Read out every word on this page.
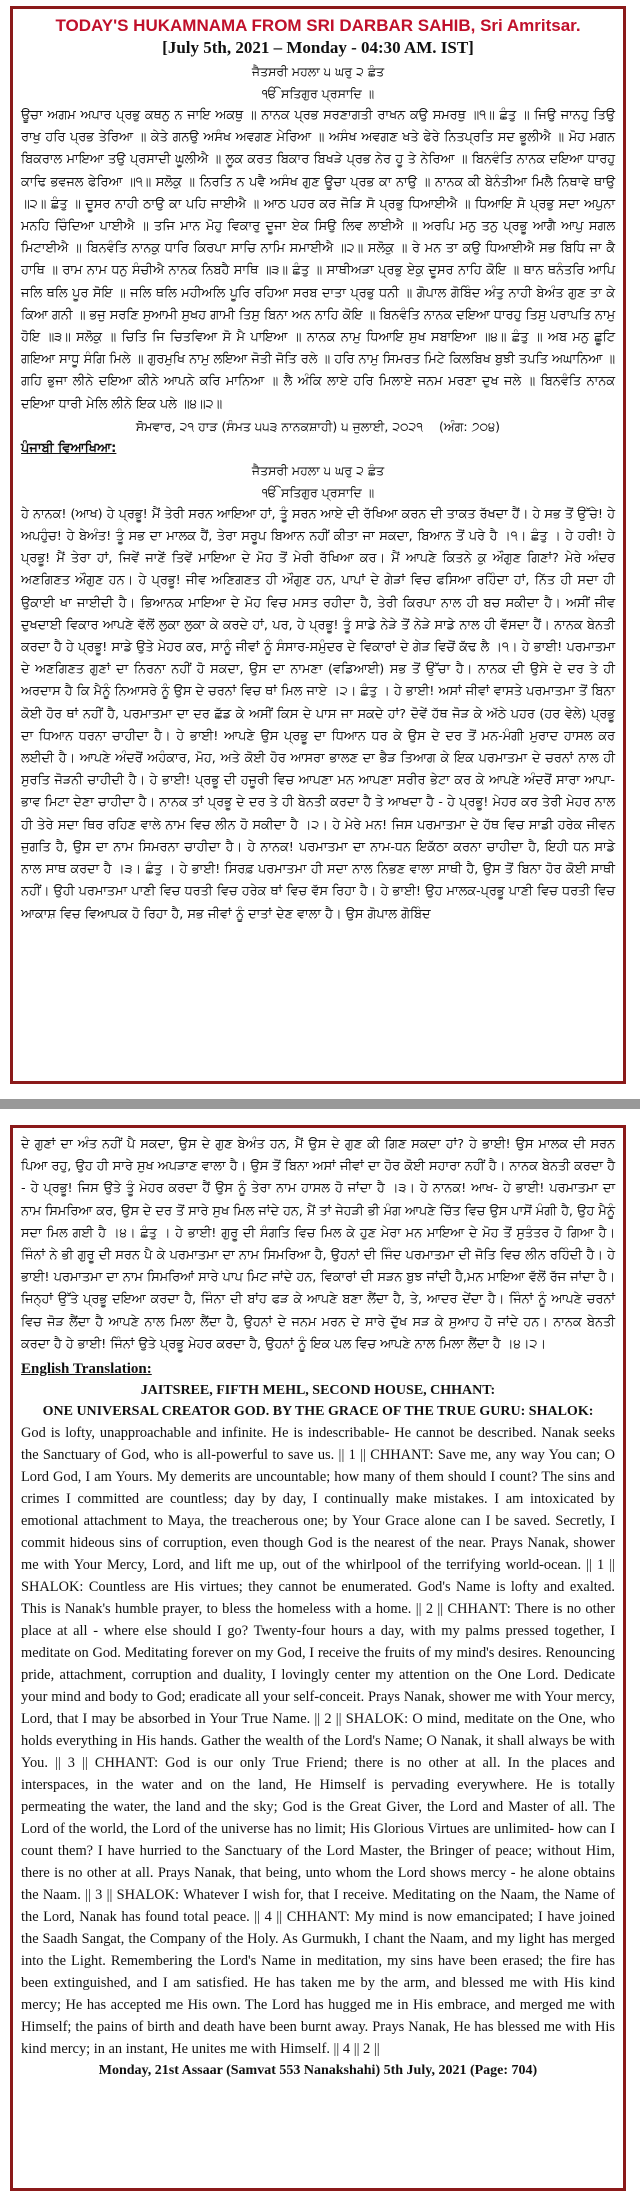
TODAY'S HUKAMNAMA FROM SRI DARBAR SAHIB, Sri Amritsar.

[July 5th, 2021 – Monday - 04:30 AM. IST]

ਜੈਤਸਰੀ ਮਹਲਾ ੫ ਘਰੁ ੨ ਛੰਤ

ੴ ਸਤਿਗੁਰ ਪ੍ਰਸਾਦਿ ॥

ਊਚਾ ਅਗਮ ਅਪਾਰ ਪ੍ਰਭੁ ਕਥਨੁ ਨ ਜਾਇ ਅਕਥੁ ॥ ਨਾਨਕ ਪ੍ਰਭ ਸਰਣਾਗਤੀ ਰਾਖਨ ਕਉ ਸਮਰਥੁ ॥੧॥ ਛੰਤੁ ॥ ਜਿਉ ਜਾਨਹੁ ਤਿਉ ਰਾਖੁ ਹਰਿ ਪ੍ਰਭ ਤੇਰਿਆ ॥ ਕੇਤੇ ਗਨਉ ਅਸੰਖ ਅਵਗਣ ਮੇਰਿਆ ॥ ਅਸੰਖ ਅਵਗਣ ਖਤੇ ਫੇਰੇ ਨਿਤਪ੍ਰਤਿ ਸਦ ਭੂਲੀਐ ॥ ਮੋਹ ਮਗਨ ਬਿਕਰਾਲ ਮਾਇਆ ਤਉ ਪ੍ਰਸਾਦੀ ਘੂਲੀਐ ॥ ਲੂਕ ਕਰਤ ਬਿਕਾਰ ਬਿਖੜੇ ਪ੍ਰਭ ਨੇਰ ਹੂ ਤੇ ਨੇਰਿਆ ॥ ਬਿਨਵੰਤਿ ਨਾਨਕ ਦਇਆ ਧਾਰਹੁ ਕਾਢਿ ਭਵਜਲ ਫੇਰਿਆ ॥੧॥ ਸਲੋਕੁ ॥ ਨਿਰਤਿ ਨ ਪਵੈ ਅਸੰਖ ਗੁਣ ਊਚਾ ਪ੍ਰਭ ਕਾ ਨਾਉ ॥ ਨਾਨਕ ਕੀ ਬੇਨੰਤੀਆ ਮਿਲੈ ਨਿਥਾਵੇ ਥਾਉ ॥੨॥ ਛੰਤੁ ॥ ਦੂਸਰ ਨਾਹੀ ਠਾਉ ਕਾ ਪਹਿ ਜਾਈਐ ॥ ਆਠ ਪਹਰ ਕਰ ਜੋੜਿ ਸੋ ਪ੍ਰਭੁ ਧਿਆਈਐ ॥ ਧਿਆਇ ਸੋ ਪ੍ਰਭੁ ਸਦਾ ਅਪੁਨਾ ਮਨਹਿ ਚਿੰਦਿਆ ਪਾਈਐ ॥ ਤਜਿ ਮਾਨ ਮੋਹੁ ਵਿਕਾਰੁ ਦੂਜਾ ਏਕ ਸਿਉ ਲਿਵ ਲਾਈਐ ॥ ਅਰਪਿ ਮਨੁ ਤਨੁ ਪ੍ਰਭੂ ਆਗੈ ਆਪੁ ਸਗਲ ਮਿਟਾਈਐ ॥ ਬਿਨਵੰਤਿ ਨਾਨਕੁ ਧਾਰਿ ਕਿਰਪਾ ਸਾਚਿ ਨਾਮਿ ਸਮਾਈਐ ॥੨॥ ਸਲੋਕੁ ॥ ਰੇ ਮਨ ਤਾ ਕਉ ਧਿਆਈਐ ਸਭ ਬਿਧਿ ਜਾ ਕੈ ਹਾਥਿ ॥ ਰਾਮ ਨਾਮ ਧਨੁ ਸੰਚੀਐ ਨਾਨਕ ਨਿਬਹੈ ਸਾਥਿ ॥੩॥ ਛੰਤੁ ॥ ਸਾਥੀਅੜਾ ਪ੍ਰਭੁ ਏਕੁ ਦੂਸਰ ਨਾਹਿ ਕੋਇ ॥ ਥਾਨ ਥਨੰਤਰਿ ਆਪਿ ਜਲਿ ਥਲਿ ਪੂਰ ਸੋਇ ॥ ਜਲਿ ਥਲਿ ਮਹੀਅਲਿ ਪੂਰਿ ਰਹਿਆ ਸਰਬ ਦਾਤਾ ਪ੍ਰਭੁ ਧਨੀ ॥ ਗੋਪਾਲ ਗੋਬਿੰਦ ਅੰਤੁ ਨਾਹੀ ਬੇਅੰਤ ਗੁਣ ਤਾ ਕੇ ਕਿਆ ਗਨੀ ॥ ਭਜੁ ਸਰਣਿ ਸੁਆਮੀ ਸੁਖਹ ਗਾਮੀ ਤਿਸੁ ਬਿਨਾ ਅਨ ਨਾਹਿ ਕੋਇ ॥ ਬਿਨਵੰਤਿ ਨਾਨਕ ਦਇਆ ਧਾਰਹੁ ਤਿਸੁ ਪਰਾਪਤਿ ਨਾਮੁ ਹੋਇ ॥੩॥ ਸਲੋਕੁ ॥ ਚਿਤਿ ਜਿ ਚਿਤਵਿਆ ਸੋ ਮੈ ਪਾਇਆ ॥ ਨਾਨਕ ਨਾਮੁ ਧਿਆਇ ਸੁਖ ਸਬਾਇਆ ॥੪॥ ਛੰਤੁ ॥ ਅਬ ਮਨੁ ਛੂਟਿ ਗਇਆ ਸਾਧੂ ਸੰਗਿ ਮਿਲੇ ॥ ਗੁਰਮੁਖਿ ਨਾਮੁ ਲਇਆ ਜੋਤੀ ਜੋਤਿ ਰਲੇ ॥ ਹਰਿ ਨਾਮੁ ਸਿਮਰਤ ਮਿਟੇ ਕਿਲਬਿਖ ਬੁਝੀ ਤਪਤਿ ਅਘਾਨਿਆ ॥ ਗਹਿ ਭੁਜਾ ਲੀਨੇ ਦਇਆ ਕੀਨੇ ਆਪਨੇ ਕਰਿ ਮਾਨਿਆ ॥ ਲੈ ਅੰਕਿ ਲਾਏ ਹਰਿ ਮਿਲਾਏ ਜਨਮ ਮਰਣਾ ਦੁਖ ਜਲੇ ॥ ਬਿਨਵੰਤਿ ਨਾਨਕ ਦਇਆ ਧਾਰੀ ਮੇਲਿ ਲੀਨੇ ਇਕ ਪਲੇ ॥੪॥੨॥

ਸੋਮਵਾਰ, ੨੧ ਹਾੜ (ਸੰਮਤ ੫੫੩ ਨਾਨਕਸ਼ਾਹੀ) ੫ ਜੁਲਾਈ, ੨੦੨੧ (ਅੰਗ: ੭੦੪)

ਪੰਜਾਬੀ ਵਿਆਖਿਆ:

ਜੈਤਸਰੀ ਮਹਲਾ ੫ ਘਰੁ ੨ ਛੰਤ

ੴ ਸਤਿਗੁਰ ਪ੍ਰਸਾਦਿ ॥

ਹੇ ਨਾਨਕ! (ਆਖ) ਹੇ ਪ੍ਰਭੂ! ਮੈਂ ਤੇਰੀ ਸਰਨ ਆਇਆ ਹਾਂ, ਤੂੰ ਸਰਨ ਆਏ ਦੀ ਰੱਖਿਆ ਕਰਨ ਦੀ ਤਾਕਤ ਰੱਖਦਾ ਹੈਂ। ਹੇ ਸਭ ਤੋਂ ਉੱਚੇ! ਹੇ ਅਪਹੁੰਚ! ਹੇ ਬੇਅੰਤ! ਤੂੰ ਸਭ ਦਾ ਮਾਲਕ ਹੈਂ, ਤੇਰਾ ਸਰੂਪ ਬਿਆਨ ਨਹੀਂ ਕੀਤਾ ਜਾ ਸਕਦਾ, ਬਿਆਨ ਤੋਂ ਪਰੇ ਹੈ ।੧। ਛੰਤੁ । ਹੇ ਹਰੀ! ਹੇ ਪ੍ਰਭੂ! ਮੈਂ ਤੇਰਾ ਹਾਂ, ਜਿਵੇਂ ਜਾਣੇਂ ਤਿਵੇਂ ਮਾਇਆ ਦੇ ਮੋਹ ਤੋਂ ਮੇਰੀ ਰੱਖਿਆ ਕਰ। ਮੈਂ ਆਪਣੇ ਕਿਤਨੇ ਕੁ ਔਗੁਣ ਗਿਣਾਂ? ਮੇਰੇ ਅੰਦਰ ਅਣਗਿਣਤ ਔਗੁਣ ਹਨ। ਹੇ ਪ੍ਰਭੂ! ਜੀਵ ਅਣਿਗਣਤ ਹੀ ਔਗੁਣ ਹਨ, ਪਾਪਾਂ ਦੇ ਗੇੜਾਂ ਵਿਚ ਫਸਿਆ ਰਹਿੰਦਾ ਹਾਂ, ਨਿੱਤ ਹੀ ਸਦਾ ਹੀ ਉਕਾਈ ਖਾ ਜਾਈਦੀ ਹੈ। ਭਿਆਨਕ ਮਾਇਆ ਦੇ ਮੋਹ ਵਿਚ ਮਸਤ ਰਹੀਦਾ ਹੈ, ਤੇਰੀ ਕਿਰਪਾ ਨਾਲ ਹੀ ਬਚ ਸਕੀਦਾ ਹੈ। ਅਸੀਂ ਜੀਵ ਦੁਖਦਾਈ ਵਿਕਾਰ ਆਪਣੇ ਵੱਲੋਂ ਲੁਕਾ ਲੁਕਾ ਕੇ ਕਰਦੇ ਹਾਂ, ਪਰ, ਹੇ ਪ੍ਰਭੂ! ਤੂੰ ਸਾਡੇ ਨੇੜੇ ਤੋਂ ਨੇੜੇ ਸਾਡੇ ਨਾਲ ਹੀ ਵੱਸਦਾ ਹੈਂ। ਨਾਨਕ ਬੇਨਤੀ ਕਰਦਾ ਹੈ ਹੇ ਪ੍ਰਭੂ! ਸਾਡੇ ਉਤੇ ਮੇਹਰ ਕਰ, ਸਾਨੂੰ ਜੀਵਾਂ ਨੂੰ ਸੰਸਾਰ-ਸਮੁੰਦਰ ਦੇ ਵਿਕਾਰਾਂ ਦੇ ਗੇੜ ਵਿਚੋਂ ਕੱਢ ਲੈ ।੧। ਹੇ ਭਾਈ! ਪਰਮਾਤਮਾ ਦੇ ਅਣਗਿਣਤ ਗੁਣਾਂ ਦਾ ਨਿਰਨਾ ਨਹੀਂ ਹੋ ਸਕਦਾ, ਉਸ ਦਾ ਨਾਮਣਾ (ਵਡਿਆਈ) ਸਭ ਤੋਂ ਉੱਚਾ ਹੈ। ਨਾਨਕ ਦੀ ਉਸੇ ਦੇ ਦਰ ਤੇ ਹੀ ਅਰਦਾਸ ਹੈ ਕਿ ਮੈਨੂੰ ਨਿਆਸਰੇ ਨੂੰ ਉਸ ਦੇ ਚਰਨਾਂ ਵਿਚ ਥਾਂ ਮਿਲ ਜਾਏ ।੨। ਛੰਤੁ । ਹੇ ਭਾਈ! ਅਸਾਂ ਜੀਵਾਂ ਵਾਸਤੇ ਪਰਮਾਤਮਾ ਤੋਂ ਬਿਨਾ ਕੋਈ ਹੋਰ ਥਾਂ ਨਹੀਂ ਹੈ, ਪਰਮਾਤਮਾ ਦਾ ਦਰ ਛੱਡ ਕੇ ਅਸੀਂ ਕਿਸ ਦੇ ਪਾਸ ਜਾ ਸਕਦੇ ਹਾਂ? ਦੋਵੇਂ ਹੱਥ ਜੋੜ ਕੇ ਅੱਠੇ ਪਹਰ (ਹਰ ਵੇਲੇ) ਪ੍ਰਭੂ ਦਾ ਧਿਆਨ ਧਰਨਾ ਚਾਹੀਦਾ ਹੈ। ਹੇ ਭਾਈ! ਆਪਣੇ ਉਸ ਪ੍ਰਭੂ ਦਾ ਧਿਆਨ ਧਰ ਕੇ ਉਸ ਦੇ ਦਰ ਤੋਂ ਮਨ-ਮੰਗੀ ਮੁਰਾਦ ਹਾਸਲ ਕਰ ਲਈਦੀ ਹੈ। ਆਪਣੇ ਅੰਦਰੋਂ ਅਹੰਕਾਰ, ਮੋਹ, ਅਤੇ ਕੋਈ ਹੋਰ ਆਸਰਾ ਭਾਲਣ ਦਾ ਭੈੜ ਤਿਆਗ ਕੇ ਇਕ ਪਰਮਾਤਮਾ ਦੇ ਚਰਨਾਂ ਨਾਲ ਹੀ ਸੁਰਤਿ ਜੋੜਨੀ ਚਾਹੀਦੀ ਹੈ। ਹੇ ਭਾਈ! ਪ੍ਰਭੂ ਦੀ ਹਜ਼ੂਰੀ ਵਿਚ ਆਪਣਾ ਮਨ ਆਪਣਾ ਸਰੀਰ ਭੇਟਾ ਕਰ ਕੇ ਆਪਣੇ ਅੰਦਰੋਂ ਸਾਰਾ ਆਪਾ-ਭਾਵ ਮਿਟਾ ਦੇਣਾ ਚਾਹੀਦਾ ਹੈ। ਨਾਨਕ ਤਾਂ ਪ੍ਰਭੂ ਦੇ ਦਰ ਤੇ ਹੀ ਬੇਨਤੀ ਕਰਦਾ ਹੈ ਤੇ ਆਖਦਾ ਹੈ - ਹੇ ਪ੍ਰਭੂ! ਮੇਹਰ ਕਰ ਤੇਰੀ ਮੇਹਰ ਨਾਲ ਹੀ ਤੇਰੇ ਸਦਾ ਥਿਰ ਰਹਿਣ ਵਾਲੇ ਨਾਮ ਵਿਚ ਲੀਨ ਹੋ ਸਕੀਦਾ ਹੈ ।੨। ਹੇ ਮੇਰੇ ਮਨ! ਜਿਸ ਪਰਮਾਤਮਾ ਦੇ ਹੱਥ ਵਿਚ ਸਾਡੀ ਹਰੇਕ ਜੀਵਨ ਜੁਗਤਿ ਹੈ, ਉਸ ਦਾ ਨਾਮ ਸਿਮਰਨਾ ਚਾਹੀਦਾ ਹੈ। ਹੇ ਨਾਨਕ! ਪਰਮਾਤਮਾ ਦਾ ਨਾਮ-ਧਨ ਇਕੱਠਾ ਕਰਨਾ ਚਾਹੀਦਾ ਹੈ, ਇਹੀ ਧਨ ਸਾਡੇ ਨਾਲ ਸਾਥ ਕਰਦਾ ਹੈ ।੩। ਛੰਤੁ । ਹੇ ਭਾਈ! ਸਿਰਫ਼ ਪਰਮਾਤਮਾ ਹੀ ਸਦਾ ਨਾਲ ਨਿਭਣ ਵਾਲਾ ਸਾਥੀ ਹੈ, ਉਸ ਤੋਂ ਬਿਨਾ ਹੋਰ ਕੋਈ ਸਾਥੀ ਨਹੀਂ। ਉਹੀ ਪਰਮਾਤਮਾ ਪਾਣੀ ਵਿਚ ਧਰਤੀ ਵਿਚ ਹਰੇਕ ਥਾਂ ਵਿਚ ਵੱਸ ਰਿਹਾ ਹੈ। ਹੇ ਭਾਈ! ਉਹ ਮਾਲਕ-ਪ੍ਰਭੂ ਪਾਣੀ ਵਿਚ ਧਰਤੀ ਵਿਚ ਆਕਾਸ਼ ਵਿਚ ਵਿਆਪਕ ਹੋ ਰਿਹਾ ਹੈ, ਸਭ ਜੀਵਾਂ ਨੂੰ ਦਾਤਾਂ ਦੇਣ ਵਾਲਾ ਹੈ। ਉਸ ਗੋਪਾਲ ਗੋਬਿੰਦ

ਦੇ ਗੁਣਾਂ ਦਾ ਅੰਤ ਨਹੀਂ ਪੈ ਸਕਦਾ, ਉਸ ਦੇ ਗੁਣ ਬੇਅੰਤ ਹਨ, ਮੈਂ ਉਸ ਦੇ ਗੁਣ ਕੀ ਗਿਣ ਸਕਦਾ ਹਾਂ? ਹੇ ਭਾਈ! ਉਸ ਮਾਲਕ ਦੀ ਸਰਨ ਪਿਆ ਰਹੁ, ਉਹ ਹੀ ਸਾਰੇ ਸੁਖ ਅਪੜਾਣ ਵਾਲਾ ਹੈ। ਉਸ ਤੋਂ ਬਿਨਾ ਅਸਾਂ ਜੀਵਾਂ ਦਾ ਹੋਰ ਕੋਈ ਸਹਾਰਾ ਨਹੀਂ ਹੈ। ਨਾਨਕ ਬੇਨਤੀ ਕਰਦਾ ਹੈ - ਹੇ ਪ੍ਰਭੂ! ਜਿਸ ਉਤੇ ਤੂੰ ਮੇਹਰ ਕਰਦਾ ਹੈਂ ਉਸ ਨੂੰ ਤੇਰਾ ਨਾਮ ਹਾਸਲ ਹੋ ਜਾਂਦਾ ਹੈ ।੩। ਹੇ ਨਾਨਕ! ਆਖ- ਹੇ ਭਾਈ! ਪਰਮਾਤਮਾ ਦਾ ਨਾਮ ਸਿਮਰਿਆ ਕਰ, ਉਸ ਦੇ ਦਰ ਤੋਂ ਸਾਰੇ ਸੁਖ ਮਿਲ ਜਾਂਦੇ ਹਨ, ਮੈਂ ਤਾਂ ਜੇਹੜੀ ਭੀ ਮੰਗ ਆਪਣੇ ਚਿੱਤ ਵਿਚ ਉਸ ਪਾਸੋਂ ਮੰਗੀ ਹੈ, ਉਹ ਮੈਨੂੰ ਸਦਾ ਮਿਲ ਗਈ ਹੈ ।੪। ਛੰਤੁ । ਹੇ ਭਾਈ! ਗੁਰੂ ਦੀ ਸੰਗਤਿ ਵਿਚ ਮਿਲ ਕੇ ਹੁਣ ਮੇਰਾ ਮਨ ਮਾਇਆ ਦੇ ਮੋਹ ਤੋਂ ਸੁਤੰਤਰ ਹੋ ਗਿਆ ਹੈ। ਜਿੰਨਾਂ ਨੇ ਭੀ ਗੁਰੂ ਦੀ ਸਰਨ ਪੈ ਕੇ ਪਰਮਾਤਮਾ ਦਾ ਨਾਮ ਸਿਮਰਿਆ ਹੈ, ਉਹਨਾਂ ਦੀ ਜਿੰਦ ਪਰਮਾਤਮਾ ਦੀ ਜੋਤਿ ਵਿਚ ਲੀਨ ਰਹਿੰਦੀ ਹੈ। ਹੇ ਭਾਈ! ਪਰਮਾਤਮਾ ਦਾ ਨਾਮ ਸਿਮਰਿਆਂ ਸਾਰੇ ਪਾਪ ਮਿਟ ਜਾਂਦੇ ਹਨ, ਵਿਕਾਰਾਂ ਦੀ ਸੜਨ ਬੁਝ ਜਾਂਦੀ ਹੈ,ਮਨ ਮਾਇਆ ਵੱਲੋਂ ਰੱਜ ਜਾਂਦਾ ਹੈ। ਜਿਨ੍ਹਾਂ ਉੱਤੇ ਪ੍ਰਭੂ ਦਇਆ ਕਰਦਾ ਹੈ, ਜਿੰਨਾ ਦੀ ਬਾਂਹ ਫੜ ਕੇ ਆਪਣੇ ਬਣਾ ਲੈਂਦਾ ਹੈ, ਤੇ, ਆਦਰ ਦੇਂਦਾ ਹੈ। ਜਿੰਨਾਂ ਨੂੰ ਆਪਣੇ ਚਰਨਾਂ ਵਿਚ ਜੋੜ ਲੈਂਦਾ ਹੈ ਆਪਣੇ ਨਾਲ ਮਿਲਾ ਲੈਂਦਾ ਹੈ, ਉਹਨਾਂ ਦੇ ਜਨਮ ਮਰਨ ਦੇ ਸਾਰੇ ਦੁੱਖ ਸੜ ਕੇ ਸੁਆਹ ਹੋ ਜਾਂਦੇ ਹਨ। ਨਾਨਕ ਬੇਨਤੀ ਕਰਦਾ ਹੈ ਹੇ ਭਾਈ! ਜਿੰਨਾਂ ਉਤੇ ਪ੍ਰਭੂ ਮੇਹਰ ਕਰਦਾ ਹੈ, ਉਹਨਾਂ ਨੂੰ ਇਕ ਪਲ ਵਿਚ ਆਪਣੇ ਨਾਲ ਮਿਲਾ ਲੈਂਦਾ ਹੈ ।੪।੨।

English Translation:

JAITSREE, FIFTH MEHL, SECOND HOUSE, CHHANT:

ONE UNIVERSAL CREATOR GOD. BY THE GRACE OF THE TRUE GURU: SHALOK:

God is lofty, unapproachable and infinite. He is indescribable- He cannot be described. Nanak seeks the Sanctuary of God, who is all-powerful to save us. || 1 || CHHANT: Save me, any way You can; O Lord God, I am Yours. My demerits are uncountable; how many of them should I count? The sins and crimes I committed are countless; day by day, I continually make mistakes. I am intoxicated by emotional attachment to Maya, the treacherous one; by Your Grace alone can I be saved. Secretly, I commit hideous sins of corruption, even though God is the nearest of the near. Prays Nanak, shower me with Your Mercy, Lord, and lift me up, out of the whirlpool of the terrifying world-ocean. || 1 || SHALOK: Countless are His virtues; they cannot be enumerated. God's Name is lofty and exalted. This is Nanak's humble prayer, to bless the homeless with a home. || 2 || CHHANT: There is no other place at all - where else should I go? Twenty-four hours a day, with my palms pressed together, I meditate on God. Meditating forever on my God, I receive the fruits of my mind's desires. Renouncing pride, attachment, corruption and duality, I lovingly center my attention on the One Lord. Dedicate your mind and body to God; eradicate all your self-conceit. Prays Nanak, shower me with Your mercy, Lord, that I may be absorbed in Your True Name. || 2 || SHALOK: O mind, meditate on the One, who holds everything in His hands. Gather the wealth of the Lord's Name; O Nanak, it shall always be with You. || 3 || CHHANT: God is our only True Friend; there is no other at all. In the places and interspaces, in the water and on the land, He Himself is pervading everywhere. He is totally permeating the water, the land and the sky; God is the Great Giver, the Lord and Master of all. The Lord of the world, the Lord of the universe has no limit; His Glorious Virtues are unlimited- how can I count them? I have hurried to the Sanctuary of the Lord Master, the Bringer of peace; without Him, there is no other at all. Prays Nanak, that being, unto whom the Lord shows mercy - he alone obtains the Naam. || 3 || SHALOK: Whatever I wish for, that I receive. Meditating on the Naam, the Name of the Lord, Nanak has found total peace. || 4 || CHHANT: My mind is now emancipated; I have joined the Saadh Sangat, the Company of the Holy. As Gurmukh, I chant the Naam, and my light has merged into the Light. Remembering the Lord's Name in meditation, my sins have been erased; the fire has been extinguished, and I am satisfied. He has taken me by the arm, and blessed me with His kind mercy; He has accepted me His own. The Lord has hugged me in His embrace, and merged me with Himself; the pains of birth and death have been burnt away. Prays Nanak, He has blessed me with His kind mercy; in an instant, He unites me with Himself. || 4 || 2 ||

Monday, 21st Assaar (Samvat 553 Nanakshahi) 5th July, 2021 (Page: 704)
